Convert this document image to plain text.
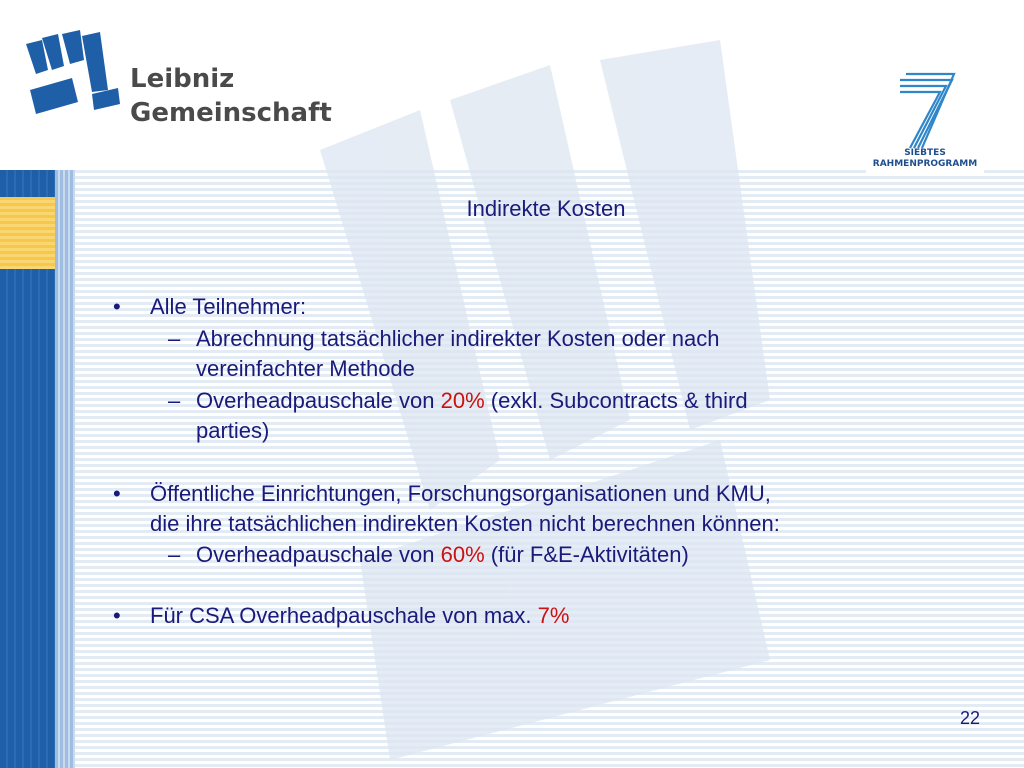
Leibniz
Gemeinschaft
SIEBTES
RAHMENPROGRAMM
Indirekte Kosten
• Alle Teilnehmer:
– Abrechnung tatsächlicher indirekter Kosten oder nach
vereinfachter Methode
– Overheadpauschale von 20% (exkl. Subcontracts & third
parties)
• Öffentliche Einrichtungen, Forschungsorganisationen und KMU,
die ihre tatsächlichen indirekten Kosten nicht berechnen können:
– Overheadpauschale von 60% (für F&E-Aktivitäten)
• Für CSA Overheadpauschale von max. 7%
22
